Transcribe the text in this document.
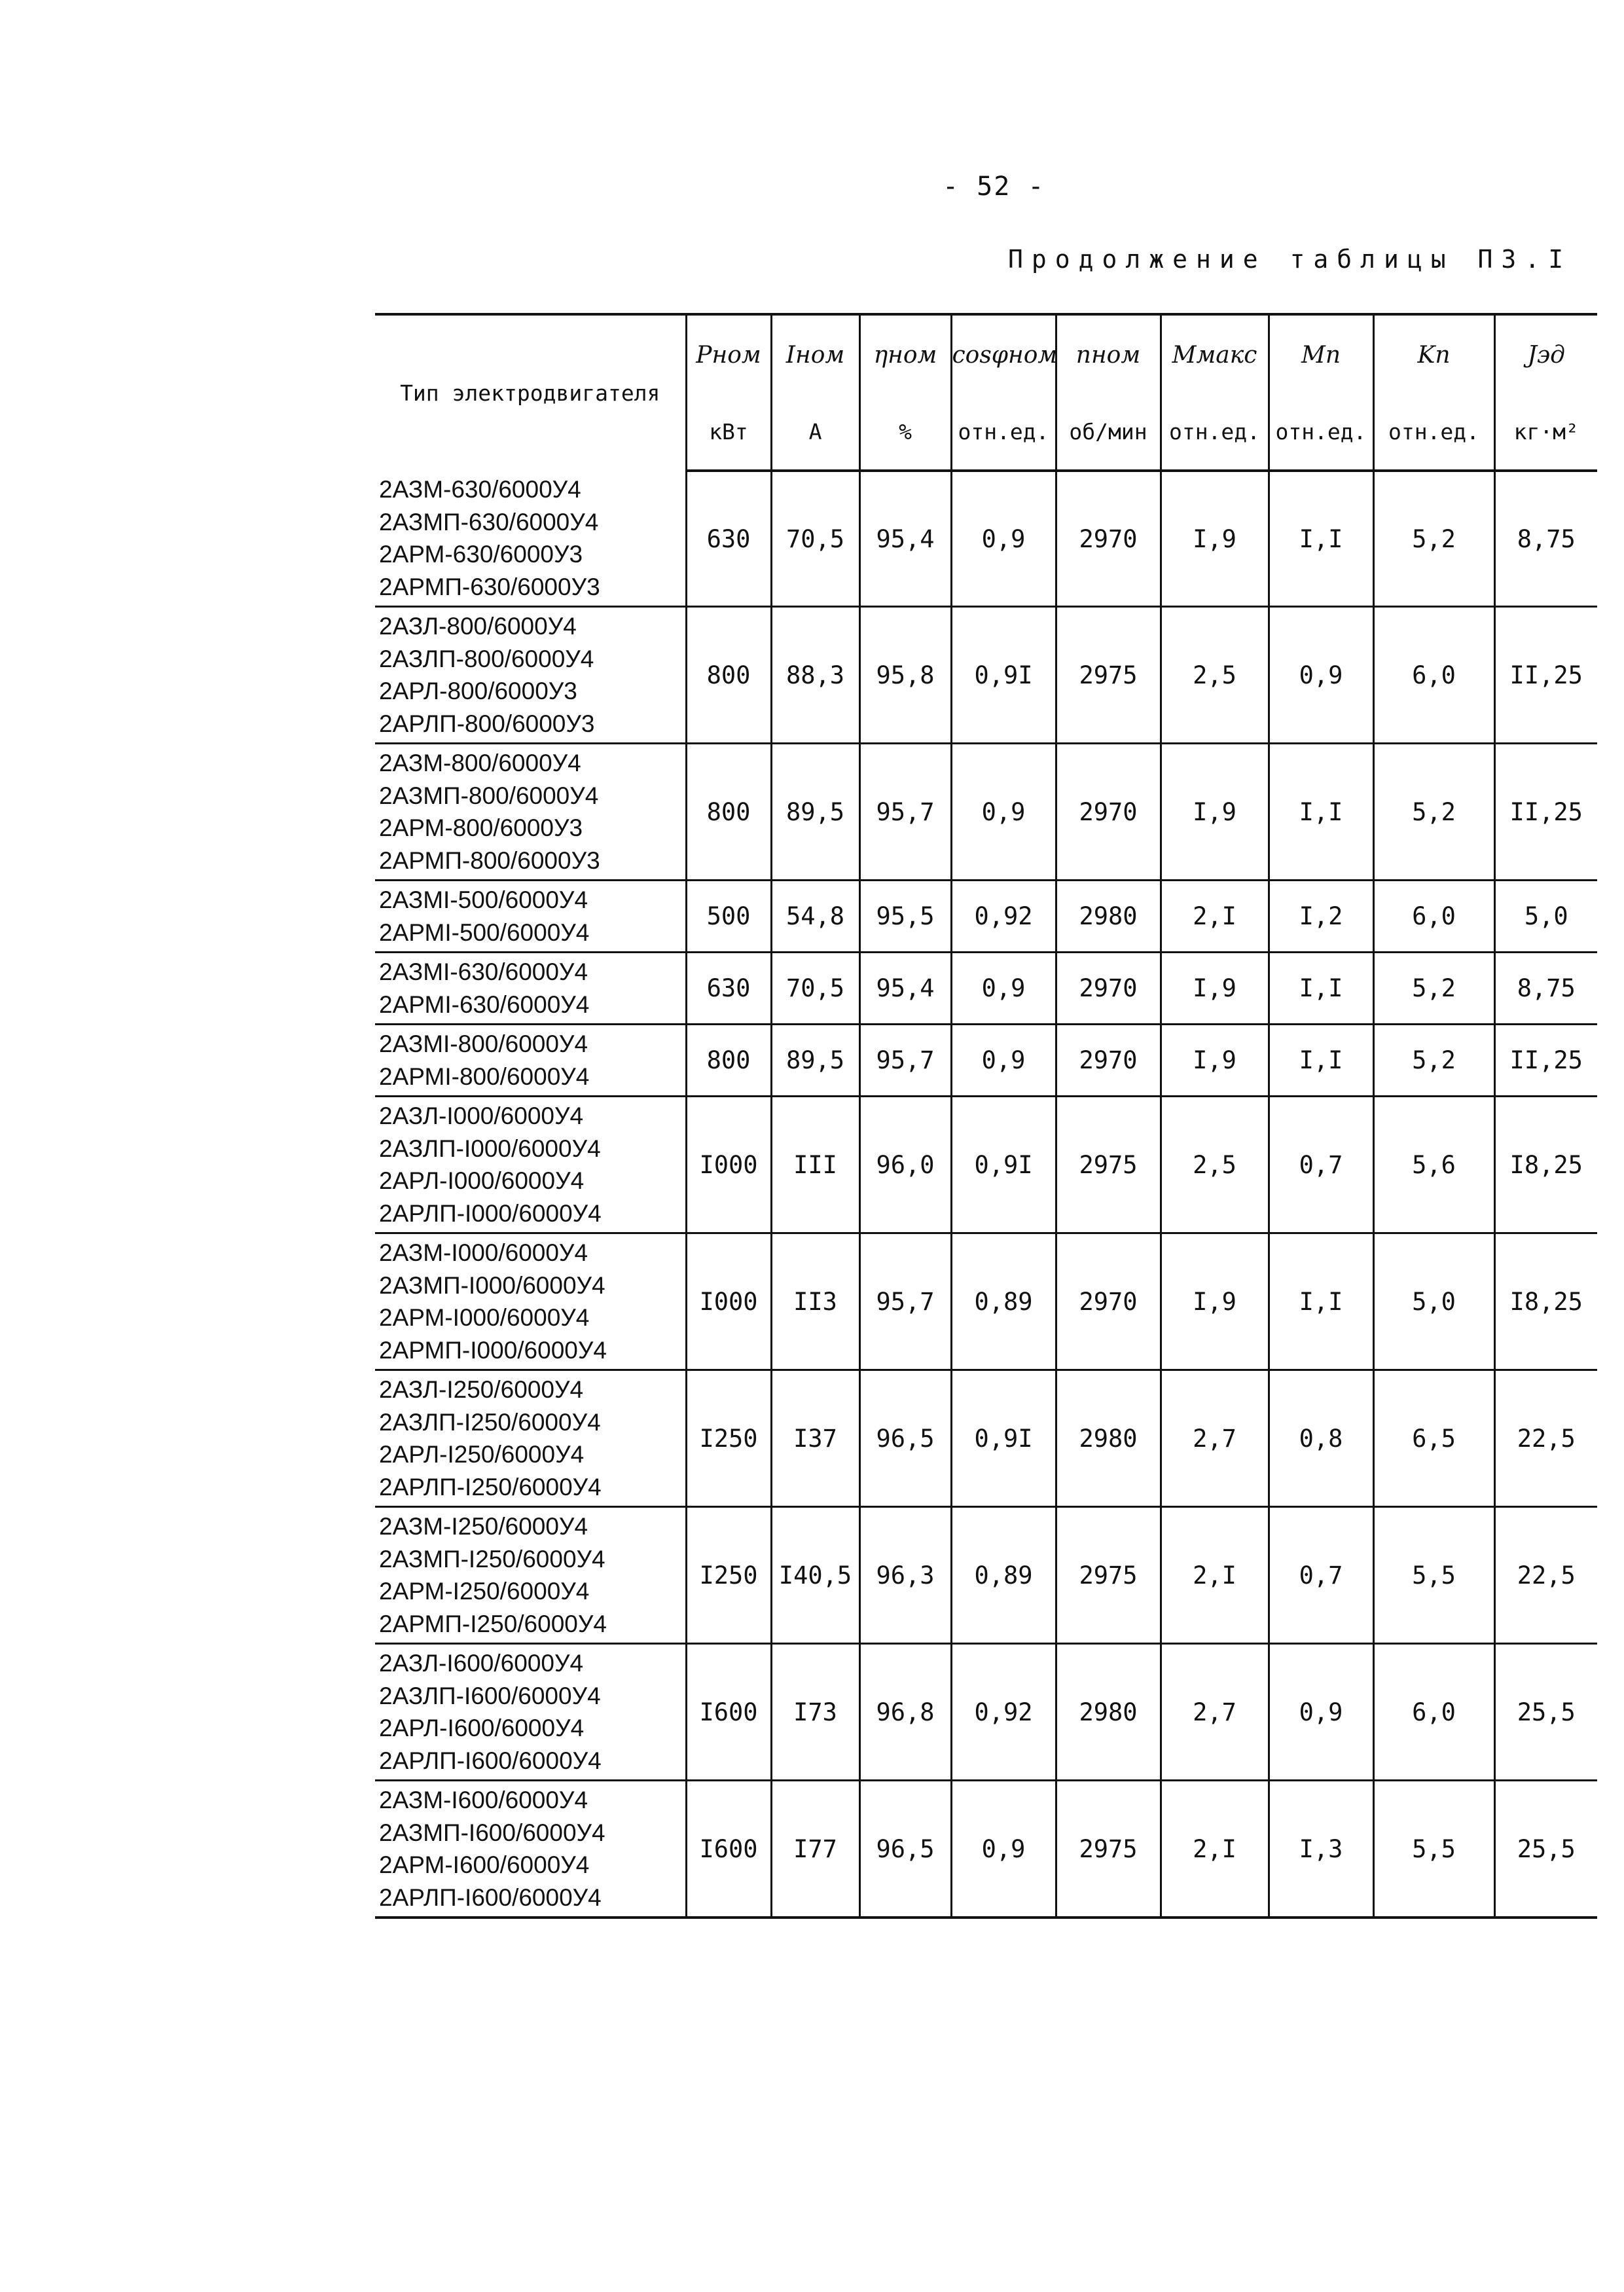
- 52 -
Продолжение таблицы П3.I
Тип электродвигателя	Pном	Iном	ηном	cosφном	nном	Mмакс	Mп	Kп	Jэд
	кВт	А	%	отн.ед.	об/мин	отн.ед.	отн.ед.	отн.ед.	кг·м²

2АЗМ-630/6000У4
2АЗМП-630/6000У4
2АРМ-630/6000У3
2АРМП-630/6000У3	630	70,5	95,4	0,9	2970	I,9	I,I	5,2	8,75

2АЗЛ-800/6000У4
2АЗЛП-800/6000У4
2АРЛ-800/6000У3
2АРЛП-800/6000У3	800	88,3	95,8	0,9I	2975	2,5	0,9	6,0	II,25

2АЗМ-800/6000У4
2АЗМП-800/6000У4
2АРМ-800/6000У3
2АРМП-800/6000У3	800	89,5	95,7	0,9	2970	I,9	I,I	5,2	II,25

2АЗМI-500/6000У4
2АРМI-500/6000У4	500	54,8	95,5	0,92	2980	2,I	I,2	6,0	5,0

2АЗМI-630/6000У4
2АРМI-630/6000У4	630	70,5	95,4	0,9	2970	I,9	I,I	5,2	8,75

2АЗМI-800/6000У4
2АРМI-800/6000У4	800	89,5	95,7	0,9	2970	I,9	I,I	5,2	II,25

2АЗЛ-I000/6000У4
2АЗЛП-I000/6000У4
2АРЛ-I000/6000У4
2АРЛП-I000/6000У4	I000	III	96,0	0,9I	2975	2,5	0,7	5,6	I8,25

2АЗМ-I000/6000У4
2АЗМП-I000/6000У4
2АРМ-I000/6000У4
2АРМП-I000/6000У4	I000	II3	95,7	0,89	2970	I,9	I,I	5,0	I8,25

2АЗЛ-I250/6000У4
2АЗЛП-I250/6000У4
2АРЛ-I250/6000У4
2АРЛП-I250/6000У4	I250	I37	96,5	0,9I	2980	2,7	0,8	6,5	22,5

2АЗМ-I250/6000У4
2АЗМП-I250/6000У4
2АРМ-I250/6000У4
2АРМП-I250/6000У4	I250	I40,5	96,3	0,89	2975	2,I	0,7	5,5	22,5

2АЗЛ-I600/6000У4
2АЗЛП-I600/6000У4
2АРЛ-I600/6000У4
2АРЛП-I600/6000У4	I600	I73	96,8	0,92	2980	2,7	0,9	6,0	25,5

2АЗМ-I600/6000У4
2АЗМП-I600/6000У4
2АРМ-I600/6000У4
2АРЛП-I600/6000У4	I600	I77	96,5	0,9	2975	2,I	I,3	5,5	25,5
